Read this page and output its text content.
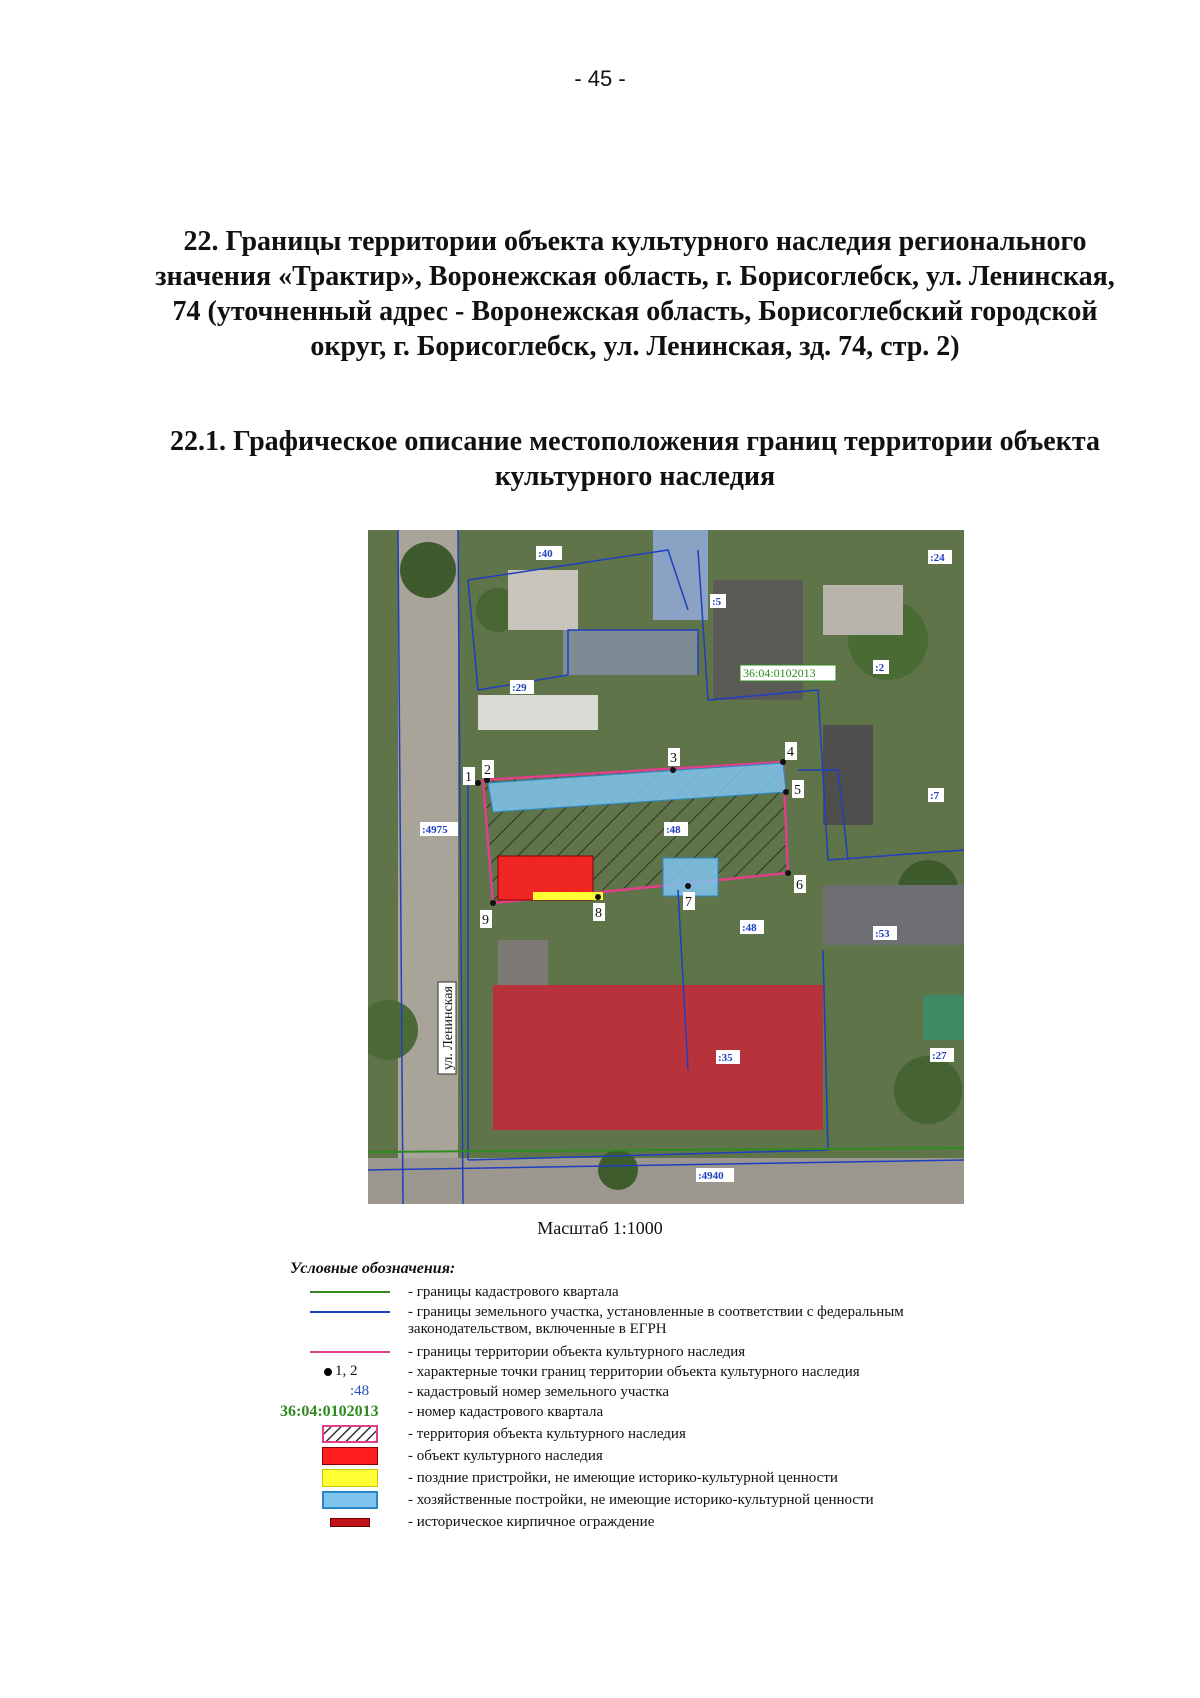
- 45 -
22. Границы территории объекта культурного наследия регионального значения «Трактир», Воронежская область, г. Борисоглебск, ул. Ленинская, 74 (уточненный адрес - Воронежская область, Борисоглебский городской округ, г. Борисоглебск, ул. Ленинская, зд. 74, стр. 2)
22.1. Графическое описание местоположения границ территории объекта культурного наследия
1 2
3	4
5
6
7
8
9
:40	:24
:5
:29
:2
:7
:4975	:48
:48	:53
:35	:27
:4940
36:04:0102013
ул. Ленинская
Масштаб 1:1000
Условные обозначения:
- границы кадастрового квартала
- границы земельного участка, установленные в соответствии с федеральным законодательством, включенные в ЕГРН
- границы территории объекта культурного наследия
1, 2	- характерные точки границ территории объекта культурного наследия
:48	- кадастровый номер земельного участка
36:04:0102013 - номер кадастрового квартала
- территория объекта культурного наследия
- объект культурного наследия
- поздние пристройки, не имеющие историко-культурной ценности
- хозяйственные постройки, не имеющие историко-культурной ценности
- историческое кирпичное ограждение
